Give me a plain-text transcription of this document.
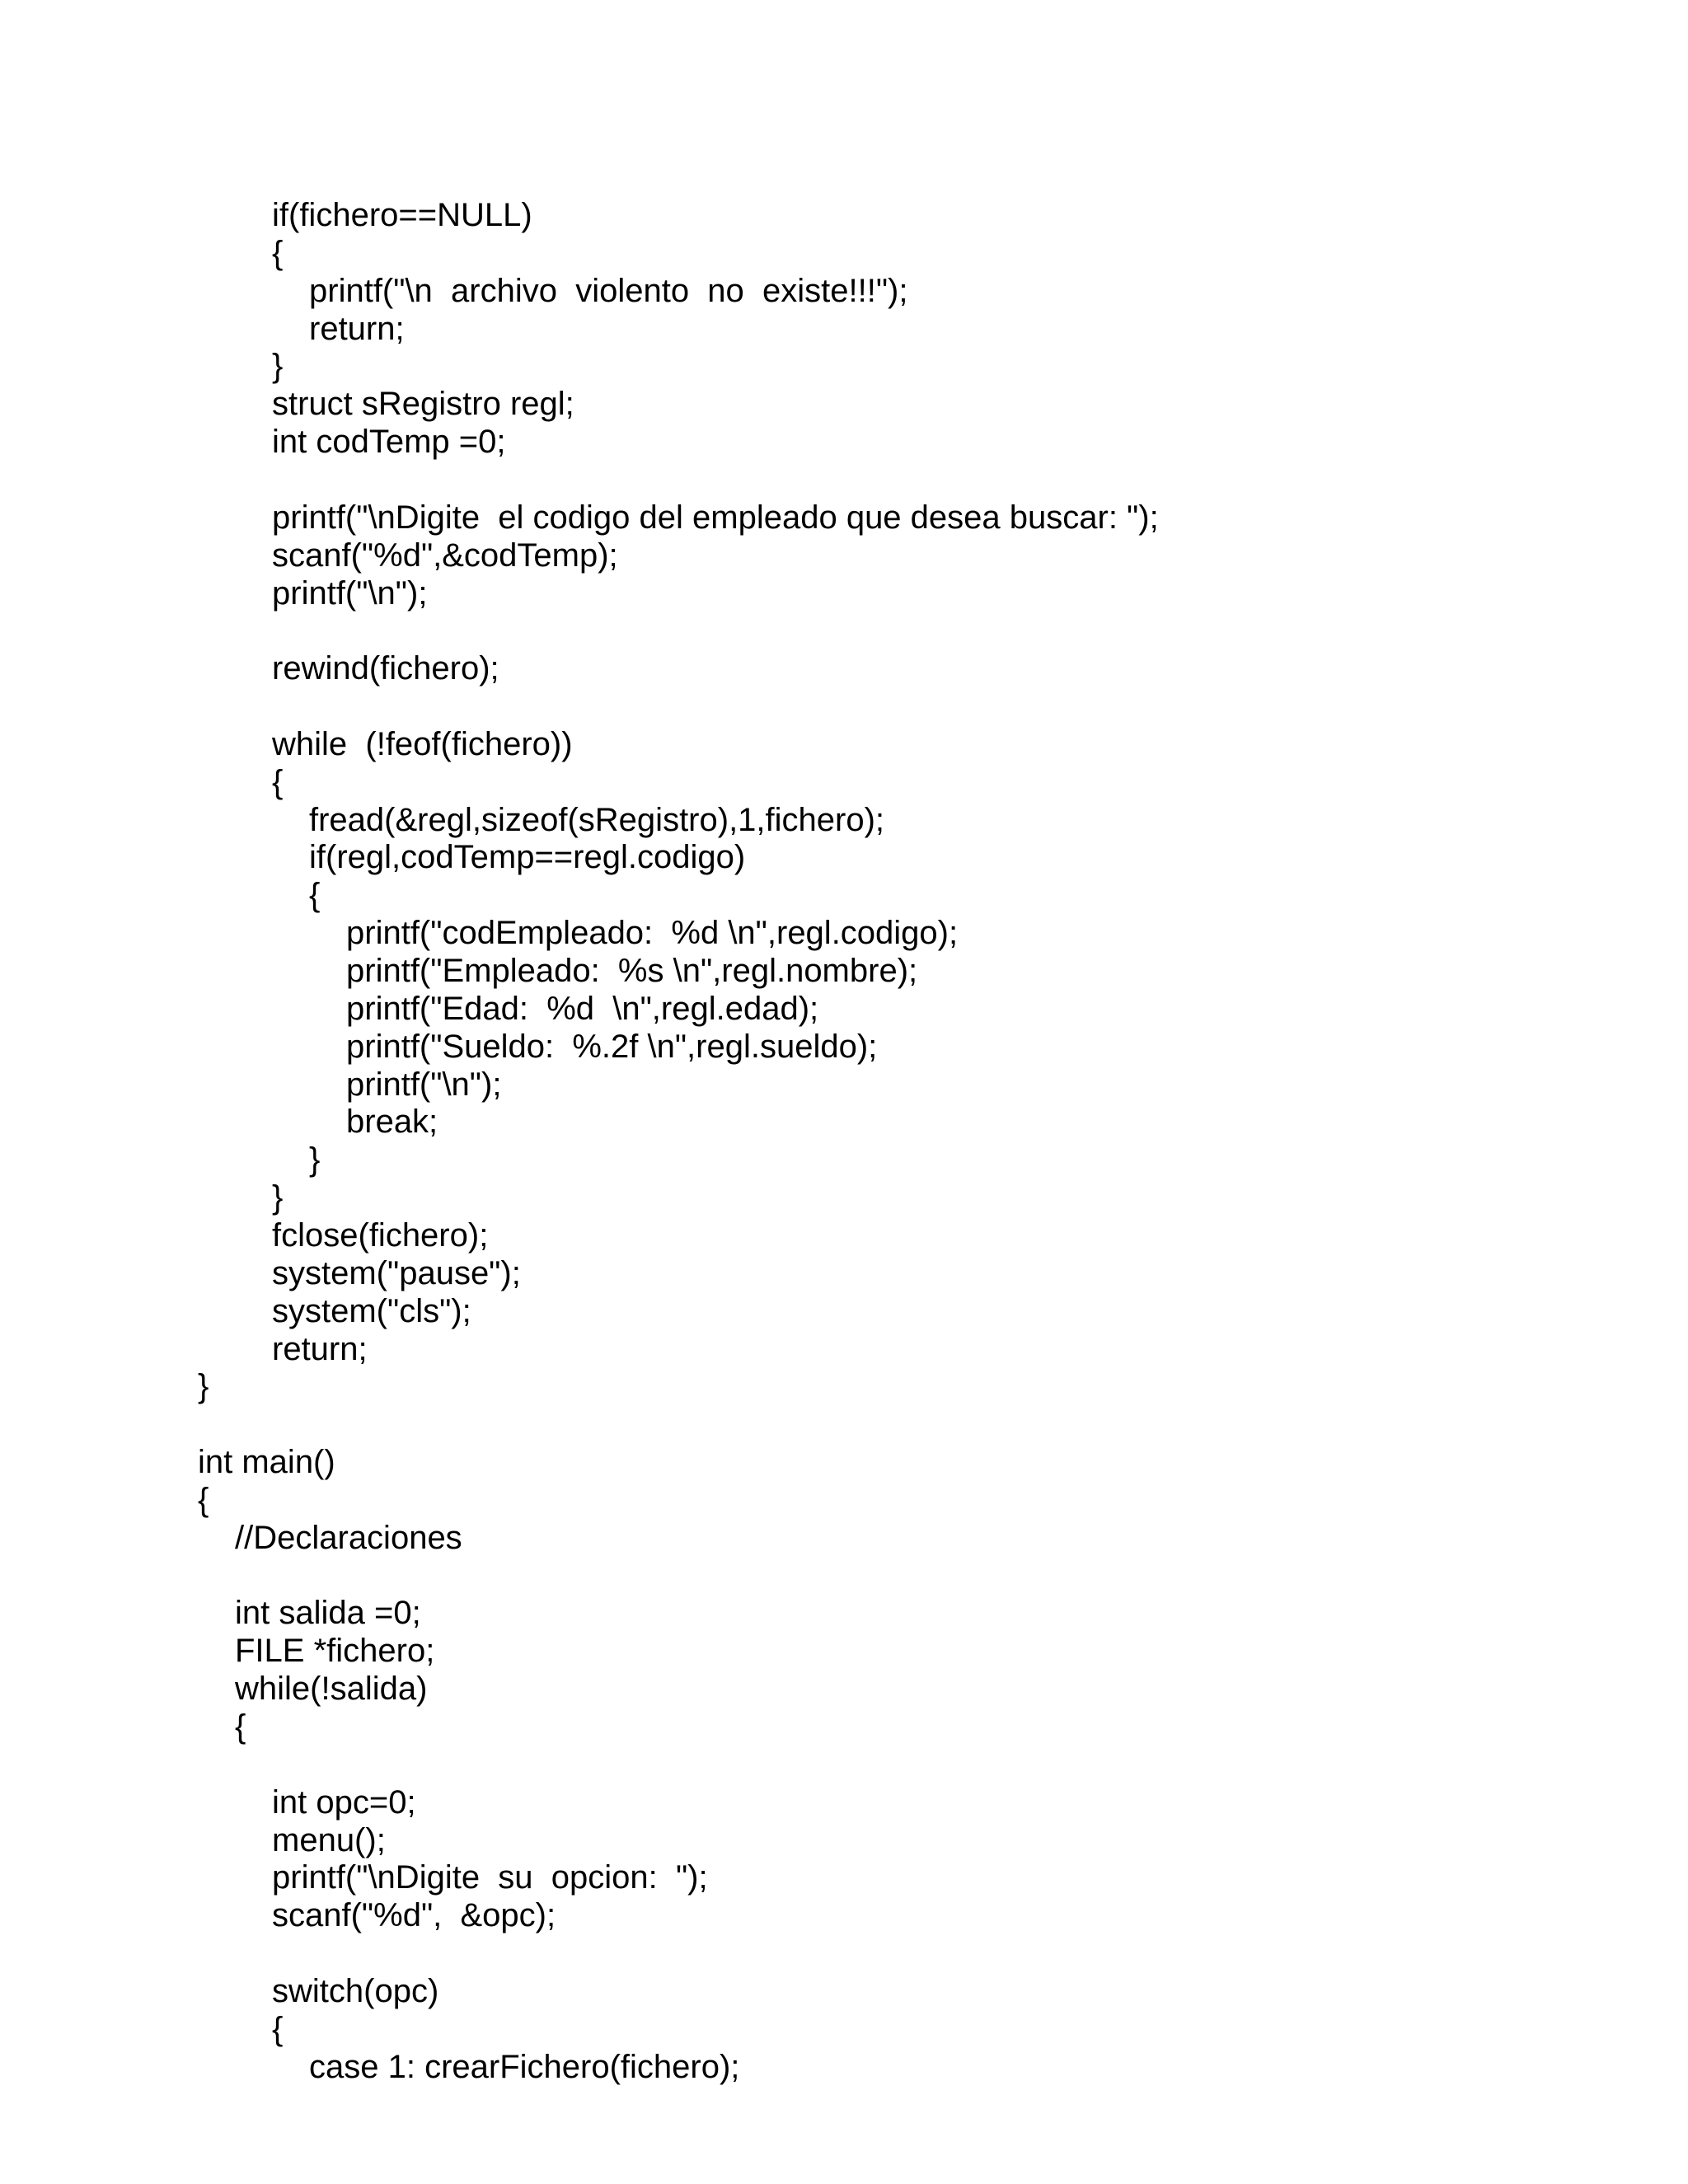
if(fichero==NULL)
{
printf("\n  archivo  violento  no  existe!!!");
return;
}
struct sRegistro regl;
int codTemp =0;
printf("\nDigite  el codigo del empleado que desea buscar: ");
scanf("%d",&codTemp);
printf("\n");
rewind(fichero);
while  (!feof(fichero))
{
fread(&regl,sizeof(sRegistro),1,fichero);
if(regl,codTemp==regl.codigo)
{
printf("codEmpleado:  %d \n",regl.codigo);
printf("Empleado:  %s \n",regl.nombre);
printf("Edad:  %d  \n",regl.edad);
printf("Sueldo:  %.2f \n",regl.sueldo);
printf("\n");
break;
}
}
fclose(fichero);
system("pause");
system("cls");
return;
}
int main()
{
//Declaraciones
int salida =0;
FILE *fichero;
while(!salida)
{
int opc=0;
menu();
printf("\nDigite  su  opcion:  ");
scanf("%d",  &opc);
switch(opc)
{
case 1: crearFichero(fichero);
